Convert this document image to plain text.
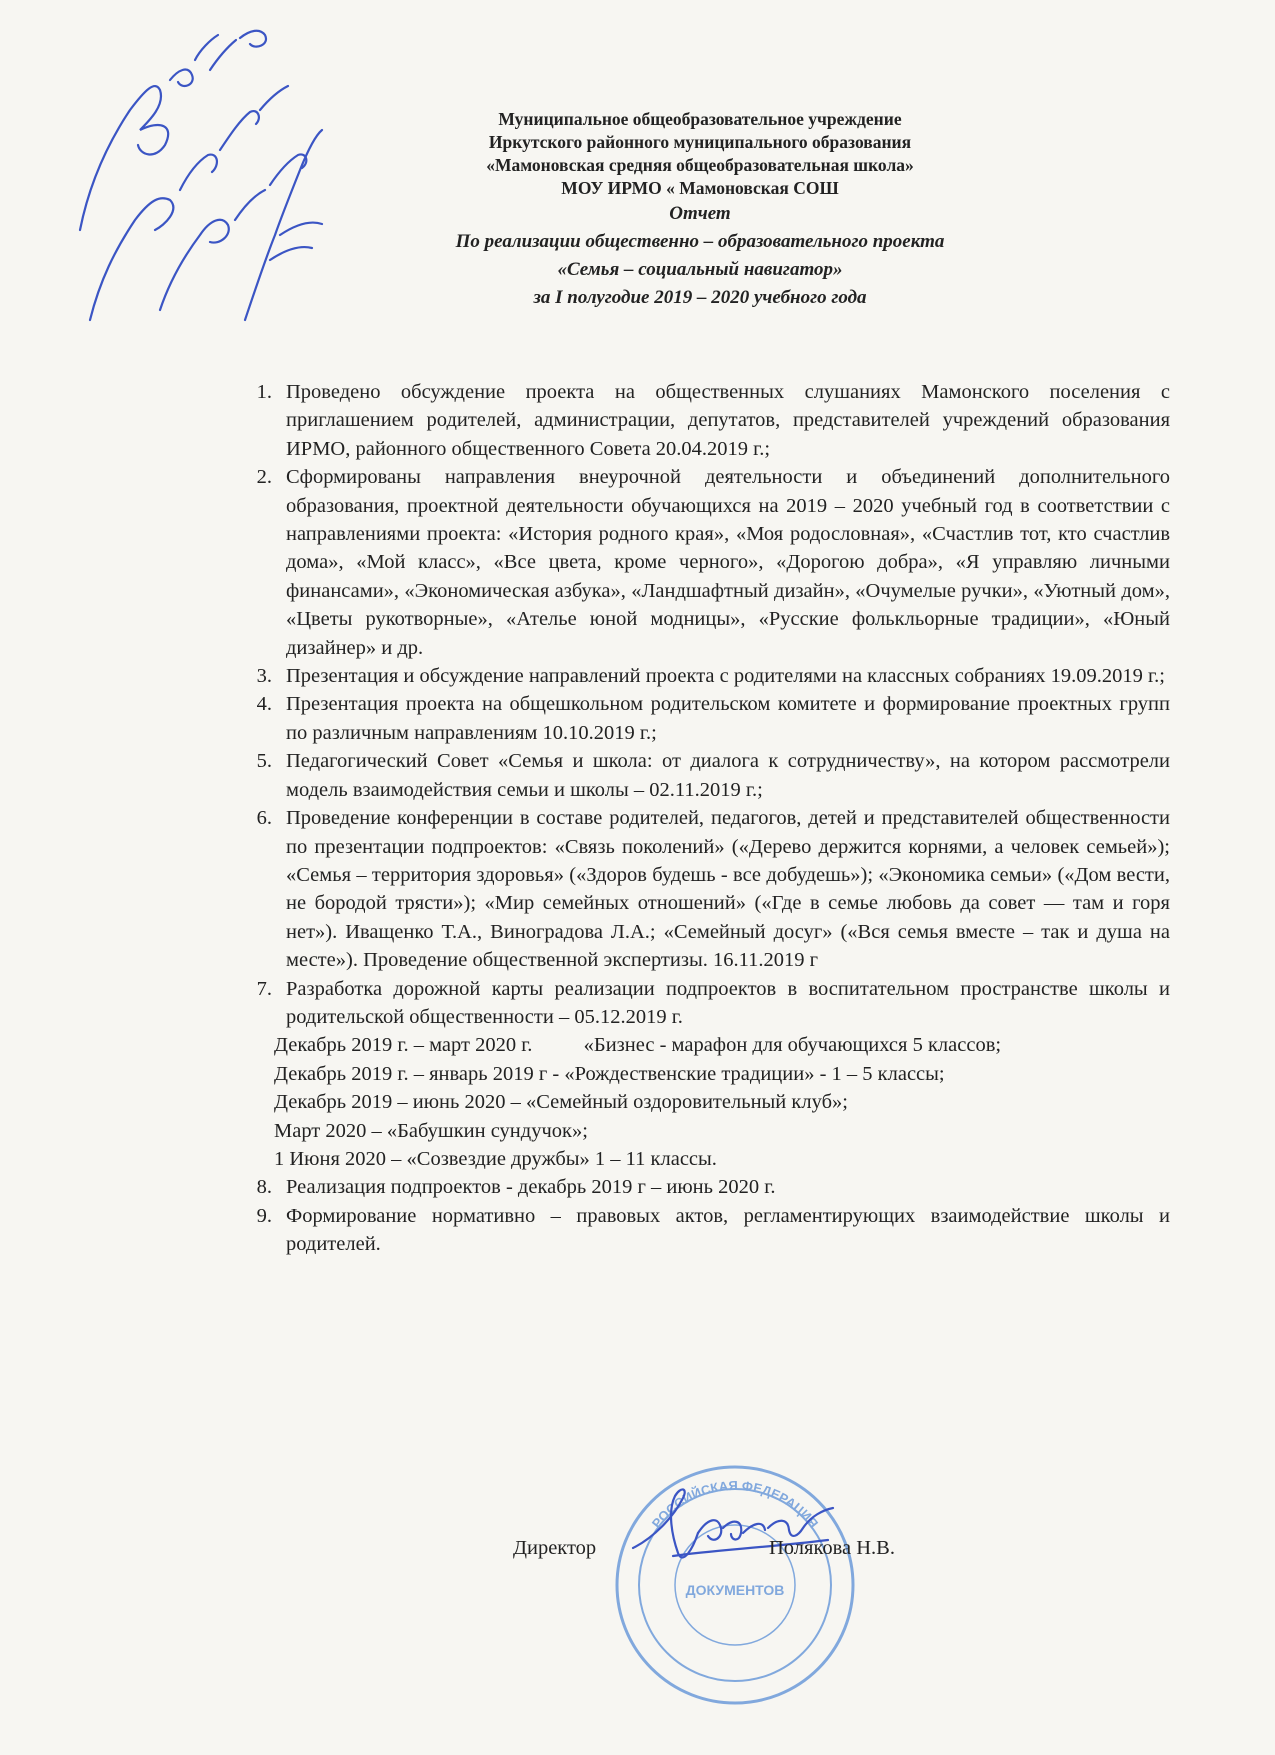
Бардентьева в школу на сайт

Муниципальное общеобразовательное учреждение

Иркутского районного муниципального образования

«Мамоновская средняя общеобразовательная школа»

МОУ ИРМО « Мамоновская СОШ

Отчет

По реализации общественно – образовательного проекта

«Семья – социальный навигатор»

за I полугодие 2019 – 2020 учебного года

1. Проведено обсуждение проекта на общественных слушаниях Мамонского поселения с приглашением родителей, администрации, депутатов, представителей учреждений образования ИРМО, районного общественного Совета 20.04.2019 г.;
2. Сформированы направления внеурочной деятельности и объединений дополнительного образования, проектной деятельности обучающихся на 2019 – 2020 учебный год в соответствии с направлениями проекта: «История родного края», «Моя родословная», «Счастлив тот, кто счастлив дома», «Мой класс», «Все цвета, кроме черного», «Дорогою добра», «Я управляю личными финансами», «Экономическая азбука», «Ландшафтный дизайн», «Очумелые ручки», «Уютный дом», «Цветы рукотворные», «Ателье юной модницы», «Русские фолькльорные традиции», «Юный дизайнер» и др.
3. Презентация и обсуждение направлений проекта с родителями на классных собраниях 19.09.2019 г.;
4. Презентация проекта на общешкольном родительском комитете и формирование проектных групп по различным направлениям 10.10.2019 г.;
5. Педагогический Совет «Семья и школа: от диалога к сотрудничеству», на котором рассмотрели модель взаимодействия семьи и школы – 02.11.2019 г.;
6. Проведение конференции в составе родителей, педагогов, детей и представителей общественности по презентации подпроектов: «Связь поколений» («Дерево держится корнями, а человек семьей»); «Семья – территория здоровья» («Здоров будешь - все добудешь»); «Экономика семьи» («Дом вести, не бородой трясти»); «Мир семейных отношений» («Где в семье любовь да совет — там и горя нет»). Иващенко Т.А., Виноградова Л.А.; «Семейный досуг» («Вся семья вместе – так и душа на месте»). Проведение общественной экспертизы. 16.11.2019 г
7. Разработка дорожной карты реализации подпроектов в воспитательном пространстве школы и родительской общественности – 05.12.2019 г.
Декабрь 2019 г. – март 2020 г.          «Бизнес - марафон для обучающихся 5 классов;
Декабрь 2019 г. – январь 2019 г - «Рождественские традиции» - 1 – 5 классы;
Декабрь 2019 – июнь 2020 – «Семейный оздоровительный клуб»;
Март 2020 – «Бабушкин сундучок»;
1 Июня 2020 – «Созвездие дружбы» 1 – 11 классы.
8. Реализация подпроектов - декабрь 2019 г – июнь 2020 г.
9. Формирование нормативно – правовых актов, регламентирующих взаимодействие школы и родителей.
РОССИЙСКАЯ ФЕДЕРАЦИЯ
ДОКУМЕНТОВ
Директор	Полякова Н.В.
